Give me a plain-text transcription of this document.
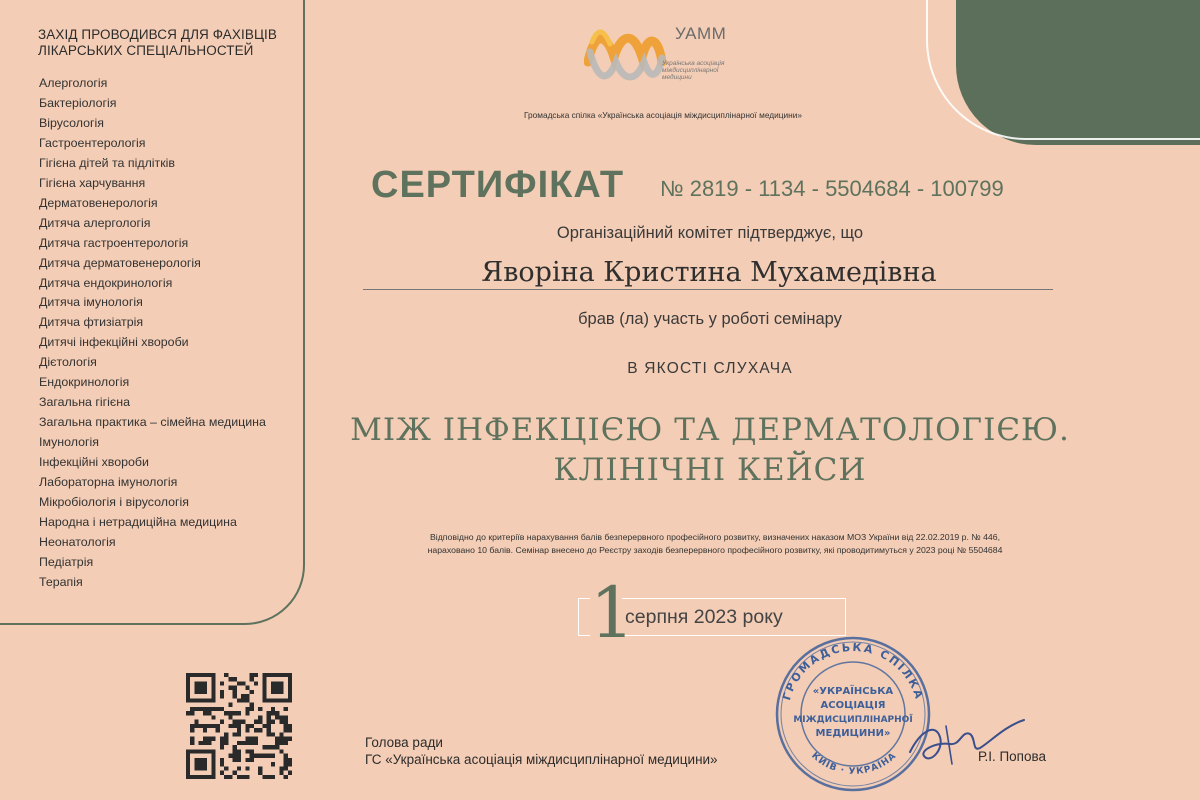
ЗАХІД ПРОВОДИВСЯ ДЛЯ ФАХІВЦІВ ЛІКАРСЬКИХ СПЕЦІАЛЬНОСТЕЙ
Алергологія
Бактеріологія
Вірусологія
Гастроентерологія
Гігієна дітей та підлітків
Гігієна харчування
Дерматовенерологія
Дитяча алергологія
Дитяча гастроентерологія
Дитяча дерматовенерологія
Дитяча ендокринологія
Дитяча імунологія
Дитяча фтизіатрія
Дитячі інфекційні хвороби
Дієтологія
Ендокринологія
Загальна гігієна
Загальна практика – сімейна медицина
Імунологія
Інфекційні хвороби
Лабораторна імунологія
Мікробіологія і вірусологія
Народна і нетрадиційна медицина
Неонатологія
Педіатрія
Терапія
УАММ
Українська асоціація міждисциплінарної медицини
Громадська спілка «Українська асоціація міждисциплінарної медицини»
СЕРТИФІКАТ № 2819 - 1134 - 5504684 - 100799
Організаційний комітет підтверджує, що
Яворіна Кристина Мухамедівна
брав (ла) участь у роботі семінару
В ЯКОСТІ СЛУХАЧА
МІЖ ІНФЕКЦІЄЮ ТА ДЕРМАТОЛОГІЄЮ.
КЛІНІЧНІ КЕЙСИ
Відповідно до критеріїв нарахування балів безперервного професійного розвитку, визначених наказом МОЗ України від 22.02.2019 р. № 446,
нараховано 10 балів. Семінар внесено до Реєстру заходів безперервного професійного розвитку, які проводитимуться у 2023 році № 5504684
1
серпня 2023 року
Голова ради
ГС «Українська асоціація міждисциплінарної медицини»
ГРОМАДСЬКА СПІЛКА
КИЇВ · УКРАЇНА
«УКРАЇНСЬКА
АСОЦІАЦІЯ
МІЖДИСЦИПЛІНАРНОЇ
МЕДИЦИНИ»
Р.І. Попова
